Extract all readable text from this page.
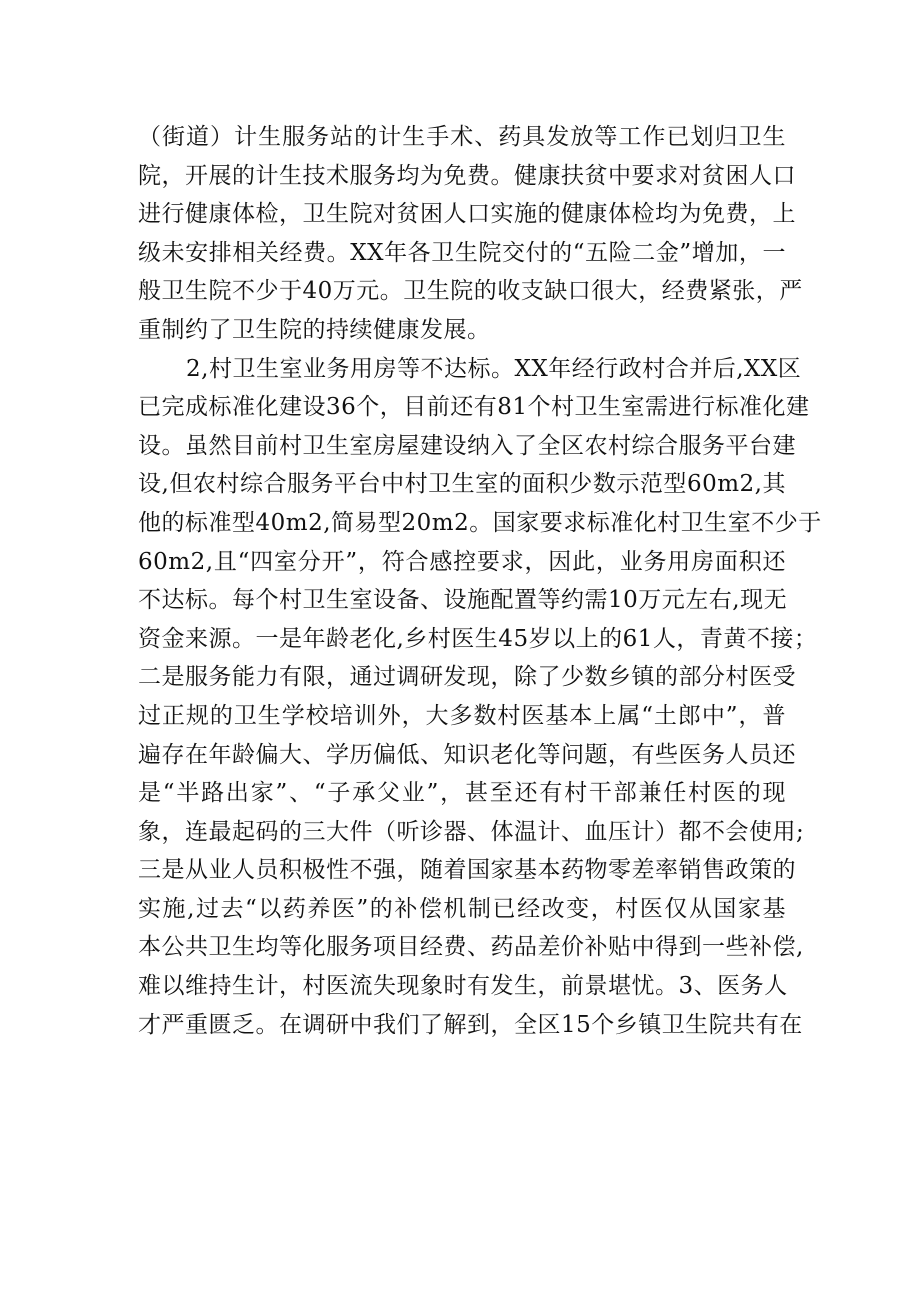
（街道）计生服务站的计生手术、药具发放等工作已划归卫生
院，开展的计生技术服务均为免费。健康扶贫中要求对贫困人口
进行健康体检，卫生院对贫困人口实施的健康体检均为免费，上
级未安排相关经费。XX年各卫生院交付的“五险二金”增加，一
般卫生院不少于40万元。卫生院的收支缺口很大，经费紧张，严
重制约了卫生院的持续健康发展。
2,村卫生室业务用房等不达标。XX年经行政村合并后,XX区
已完成标准化建设36个，目前还有81个村卫生室需进行标准化建
设。虽然目前村卫生室房屋建设纳入了全区农村综合服务平台建
设,但农村综合服务平台中村卫生室的面积少数示范型60m2,其
他的标准型40m2,简易型20m2。国家要求标准化村卫生室不少于
60m2,且“四室分开”，符合感控要求，因此，业务用房面积还
不达标。每个村卫生室设备、设施配置等约需10万元左右,现无
资金来源。一是年龄老化,乡村医生45岁以上的61人，青黄不接；
二是服务能力有限，通过调研发现，除了少数乡镇的部分村医受
过正规的卫生学校培训外，大多数村医基本上属“土郎中”，普
遍存在年龄偏大、学历偏低、知识老化等问题，有些医务人员还
是“半路出家”、“子承父业”，甚至还有村干部兼任村医的现
象，连最起码的三大件（听诊器、体温计、血压计）都不会使用;
三是从业人员积极性不强，随着国家基本药物零差率销售政策的
实施,过去“以药养医”的补偿机制已经改变，村医仅从国家基
本公共卫生均等化服务项目经费、药品差价补贴中得到一些补偿,
难以维持生计，村医流失现象时有发生，前景堪忧。3、医务人
才严重匮乏。在调研中我们了解到，全区15个乡镇卫生院共有在
